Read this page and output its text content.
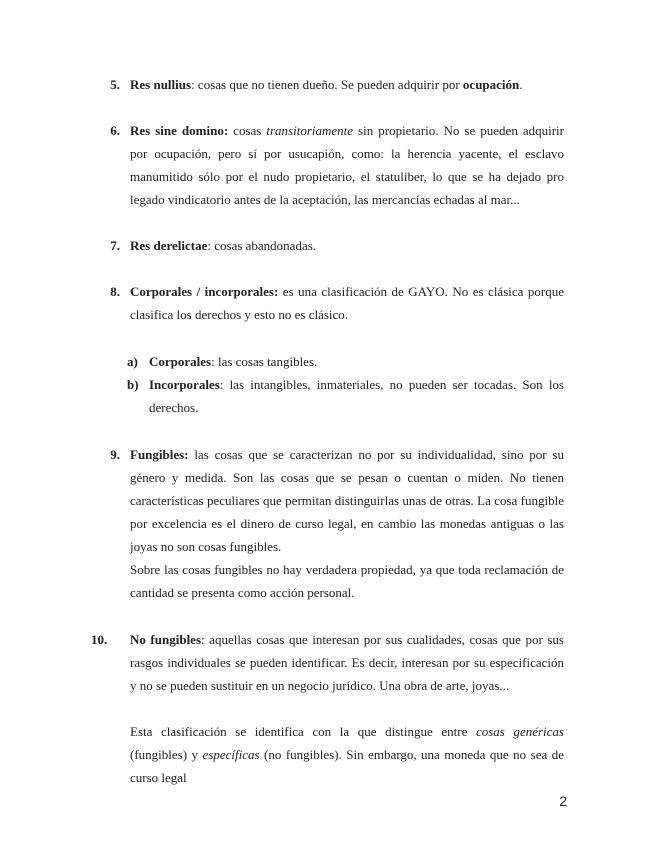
5. Res nullius: cosas que no tienen dueño. Se pueden adquirir por ocupación.

6. Res sine domino: cosas transitoriamente sin propietario. No se pueden adquirir por ocupación, pero sí por usucapión, como: la herencia yacente, el esclavo manumitido sólo por el nudo propietario, el statuliber, lo que se ha dejado pro legado vindicatorio antes de la aceptación, las mercancías echadas al mar...

7. Res derelictae: cosas abandonadas.

8. Corporales / incorporales: es una clasificación de GAYO. No es clásica porque clasifica los derechos y esto no es clásico.

a) Corporales: las cosas tangibles.

b) Incorporales: las intangibles, inmateriales, no pueden ser tocadas. Son los derechos.

9. Fungibles: las cosas que se caracterizan no por su individualidad, sino por su género y medida. Son las cosas que se pesan o cuentan o miden. No tienen características peculiares que permitan distinguirlas unas de otras. La cosa fungible por excelencia es el dinero de curso legal, en cambio las monedas antiguas o las joyas no son cosas fungibles.

Sobre las cosas fungibles no hay verdadera propiedad, ya que toda reclamación de cantidad se presenta como acción personal.

10. No fungibles: aquellas cosas que interesan por sus cualidades, cosas que por sus rasgos individuales se pueden identificar. Es decir, interesan por su especificación y no se pueden sustituir en un negocio jurídico. Una obra de arte, joyas...

Esta clasificación se identifica con la que distingue entre cosas genéricas (fungibles) y específicas (no fungibles). Sin embargo, una moneda que no sea de curso legal

2
